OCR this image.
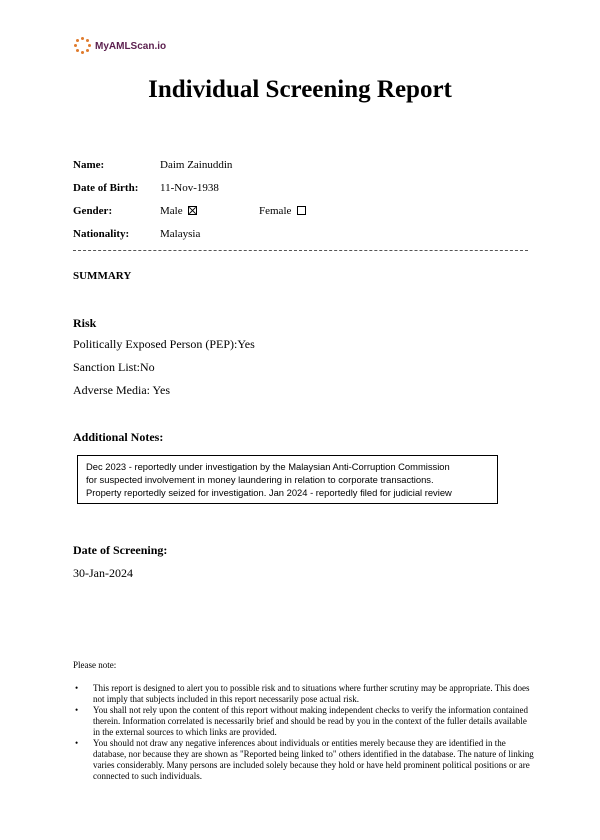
MyAMLScan.io
Individual Screening Report
Name:	Daim Zainuddin
Date of Birth: 11-Nov-1938
Gender:	Male	Female
Nationality:	Malaysia
SUMMARY
Risk
Politically Exposed Person (PEP):Yes
Sanction List:No
Adverse Media: Yes
Additional Notes:
Dec 2023 - reportedly under investigation by the Malaysian Anti-Corruption Commission
for suspected involvement in money laundering in relation to corporate transactions.
Property reportedly seized for investigation. Jan 2024 - reportedly filed for judicial review
Date of Screening:
30-Jan-2024
Please note:
• This report is designed to alert you to possible risk and to situations where further scrutiny may be appropriate. This does not imply that subjects included in this report necessarily pose actual risk.
• You shall not rely upon the content of this report without making independent checks to verify the information contained therein. Information correlated is necessarily brief and should be read by you in the context of the fuller details available in the external sources to which links are provided.
• You should not draw any negative inferences about individuals or entities merely because they are identified in the database, nor because they are shown as "Reported being linked to" others identified in the database. The nature of linking varies considerably. Many persons are included solely because they hold or have held prominent political positions or are connected to such individuals.
